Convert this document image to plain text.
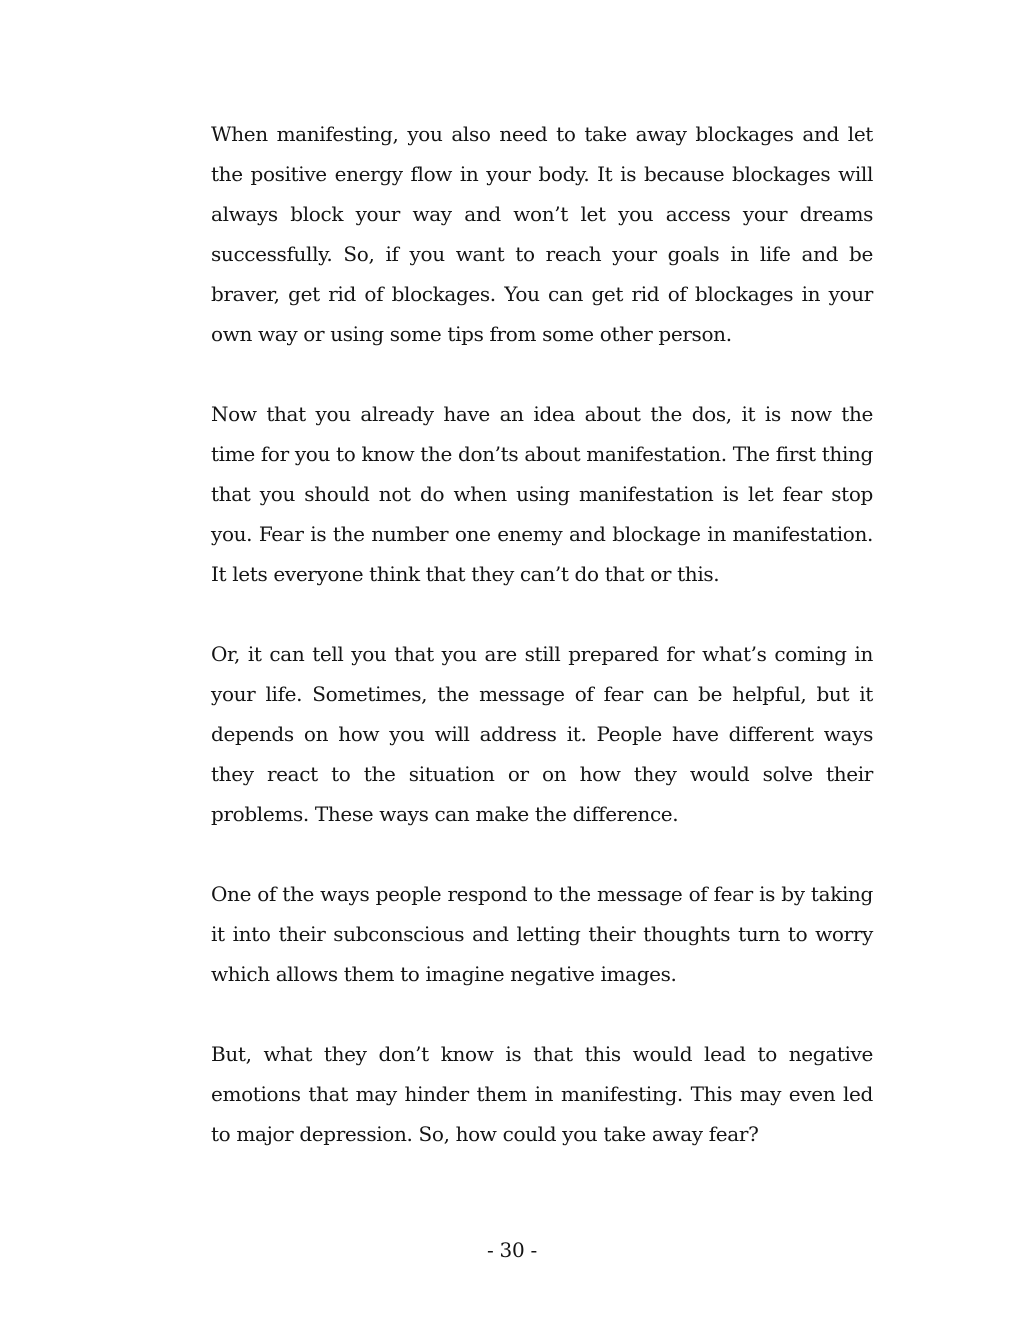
When manifesting, you also need to take away blockages and let the positive energy flow in your body. It is because blockages will always block your way and won’t let you access your dreams successfully. So, if you want to reach your goals in life and be braver, get rid of blockages. You can get rid of blockages in your own way or using some tips from some other person.

Now that you already have an idea about the dos, it is now the time for you to know the don’ts about manifestation. The first thing that you should not do when using manifestation is let fear stop you. Fear is the number one enemy and blockage in manifestation. It lets everyone think that they can’t do that or this.

Or, it can tell you that you are still prepared for what’s coming in your life. Sometimes, the message of fear can be helpful, but it depends on how you will address it. People have different ways they react to the situation or on how they would solve their problems. These ways can make the difference.

One of the ways people respond to the message of fear is by taking it into their subconscious and letting their thoughts turn to worry which allows them to imagine negative images.

But, what they don’t know is that this would lead to negative emotions that may hinder them in manifesting. This may even led to major depression. So, how could you take away fear?

- 30 -
